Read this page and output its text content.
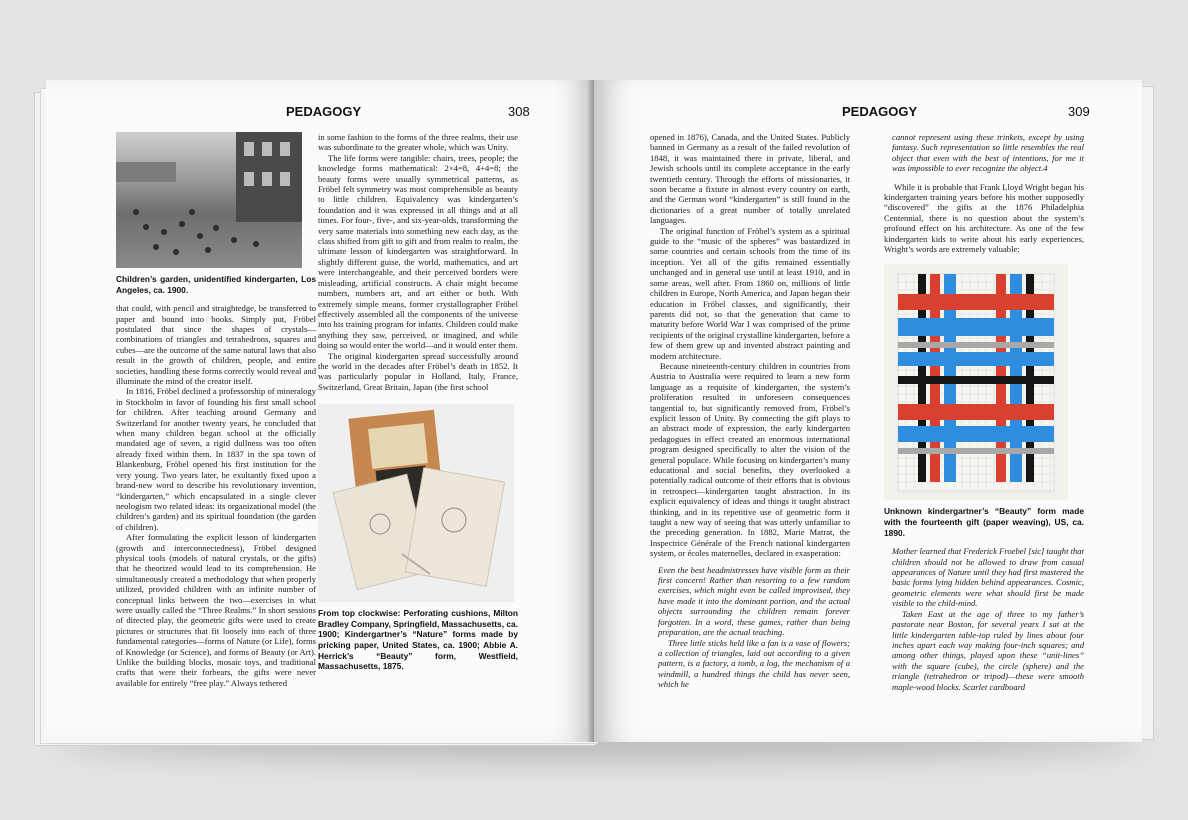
PEDAGOGY	308
Children’s garden, unidentified kindergarten, Los Angeles, ca. 1900.

that could, with pencil and straightedge, be transferred to paper and bound into books. Simply put, Fröbel postulated that since the shapes of crystals—combinations of triangles and tetrahedrons, squares and cubes—are the outcome of the same natural laws that also result in the growth of children, people, and entire societies, handling these forms correctly would reveal and illuminate the mind of the creator itself.

In 1816, Fröbel declined a professorship of mineralogy in Stockholm in favor of founding his first small school for children. After teaching around Germany and Switzerland for another twenty years, he concluded that when many children began school at the officially mandated age of seven, a rigid dullness was too often already fixed within them. In 1837 in the spa town of Blankenburg, Fröbel opened his first institution for the very young. Two years later, he exultantly fixed upon a brand-new word to describe his revolutionary invention, “kindergarten,” which encapsulated in a single clever neologism two related ideas: its organizational model (the children’s garden) and its spiritual foundation (the garden of children).

After formulating the explicit lesson of kindergarten (growth and interconnectedness), Fröbel designed physical tools (models of natural crystals, or the gifts) that he theorized would lead to its comprehension. He simultaneously created a methodology that when properly utilized, provided children with an infinite number of conceptual links between the two—exercises in what were usually called the “Three Realms.” In short sessions of directed play, the geometric gifts were used to create pictures or structures that fit loosely into each of three fundamental categories—forms of Nature (or Life), forms of Knowledge (or Science), and forms of Beauty (or Art). Unlike the building blocks, mosaic toys, and traditional crafts that were their forbears, the gifts were never available for entirely “free play.” Always tethered

in some fashion to the forms of the three realms, their use was subordinate to the greater whole, which was Unity.

The life forms were tangible: chairs, trees, people; the knowledge forms mathematical: 2×4=8, 4+4=8; the beauty forms were usually symmetrical patterns, as Fröbel felt symmetry was most comprehensible as beauty to little children. Equivalency was kindergarten’s foundation and it was expressed in all things and at all times. For four-, five-, and six-year-olds, transforming the very same materials into something new each day, as the class shifted from gift to gift and from realm to realm, the ultimate lesson of kindergarten was straightforward. In slightly different guise, the world, mathematics, and art were interchangeable, and their perceived borders were misleading, artificial constructs. A chair might become numbers, numbers art, and art either or both. With extremely simple means, former crystallographer Fröbel effectively assembled all the components of the universe into his training program for infants. Children could make anything they saw, perceived, or imagined, and while doing so would enter the world—and it would enter them.

The original kindergarten spread successfully around the world in the decades after Fröbel’s death in 1852. It was particularly popular in Holland, Italy, France, Switzerland, Great Britain, Japan (the first school

From top clockwise: Perforating cushions, Milton Bradley Company, Springfield, Massachusetts, ca. 1900; Kindergartner’s “Nature” forms made by pricking paper, United States, ca. 1900; Abbie A. Herrick’s “Beauty” form, Westfield, Massachusetts, 1875.
PEDAGOGY	309

opened in 1876), Canada, and the United States. Publicly banned in Germany as a result of the failed revolution of 1848, it was maintained there in private, liberal, and Jewish schools until its complete acceptance in the early twentieth century. Through the efforts of missionaries, it soon became a fixture in almost every country on earth, and the German word “kindergarten” is still found in the dictionaries of a great number of totally unrelated languages.

The original function of Fröbel’s system as a spiritual guide to the “music of the spheres” was bastardized in some countries and certain schools from the time of its inception. Yet all of the gifts remained essentially unchanged and in general use until at least 1910, and in some areas, well after. From 1860 on, millions of little children in Europe, North America, and Japan began their education in Fröbel classes, and significantly, their parents did not, so that the generation that came to maturity before World War I was comprised of the prime recipients of the original crystalline kindergarten, before a few of them grew up and invented abstract painting and modern architecture.

Because nineteenth-century children in countries from Austria to Australia were required to learn a new form language as a requisite of kindergarten, the system’s proliferation resulted in unforeseen consequences tangential to, but significantly removed from, Fröbel’s explicit lesson of Unity. By connecting the gift plays to an abstract mode of expression, the early kindergarten pedagogues in effect created an enormous international program designed specifically to alter the vision of the general populace. While focusing on kindergarten’s many educational and social benefits, they overlooked a potentially radical outcome of their efforts that is obvious in retrospect—kindergarten taught abstraction. In its explicit equivalency of ideas and things it taught abstract thinking, and in its repetitive use of geometric form it taught a new way of seeing that was utterly unfamiliar to the preceding generation. In 1882, Marie Matrat, the Inspectrice Générale of the French national kindergarten system, or écoles maternelles, declared in exasperation:

Even the best headmistresses have visible form as their first concern! Rather than resorting to a few random exercises, which might even be called improvised, they have made it into the dominant portion, and the actual objects surrounding the children remain forever forgotten. In a word, these games, rather than being preparation, are the actual teaching.

Three little sticks held like a fan is a vase of flowers; a collection of triangles, laid out according to a given pattern, is a factory, a tomb, a log, the mechanism of a windmill, a hundred things the child has never seen, which he

cannot represent using these trinkets, except by using fantasy. Such representation so little resembles the real object that even with the best of intentions, for me it was impossible to ever recognize the object.4

While it is probable that Frank Lloyd Wright began his kindergarten training years before his mother supposedly “discovered” the gifts at the 1876 Philadelphia Centennial, there is no question about the system’s profound effect on his architecture. As one of the few kindergarten kids to write about his early experiences, Wright’s words are extremely valuable:

Unknown kindergartner’s “Beauty” form made with the fourteenth gift (paper weaving), US, ca. 1890.

Mother learned that Frederick Froebel [sic] taught that children should not be allowed to draw from casual appearances of Nature until they had first mastered the basic forms lying hidden behind appearances. Cosmic, geometric elements were what should first be made visible to the child-mind.

Taken East at the age of three to my father’s pastorate near Boston, for several years I sat at the little kindergarten table-top ruled by lines about four inches apart each way making four-inch squares; and among other things, played upon these “unit-lines” with the square (cube), the circle (sphere) and the triangle (tetrahedron or tripod)—these were smooth maple-wood blocks. Scarlet cardboard
